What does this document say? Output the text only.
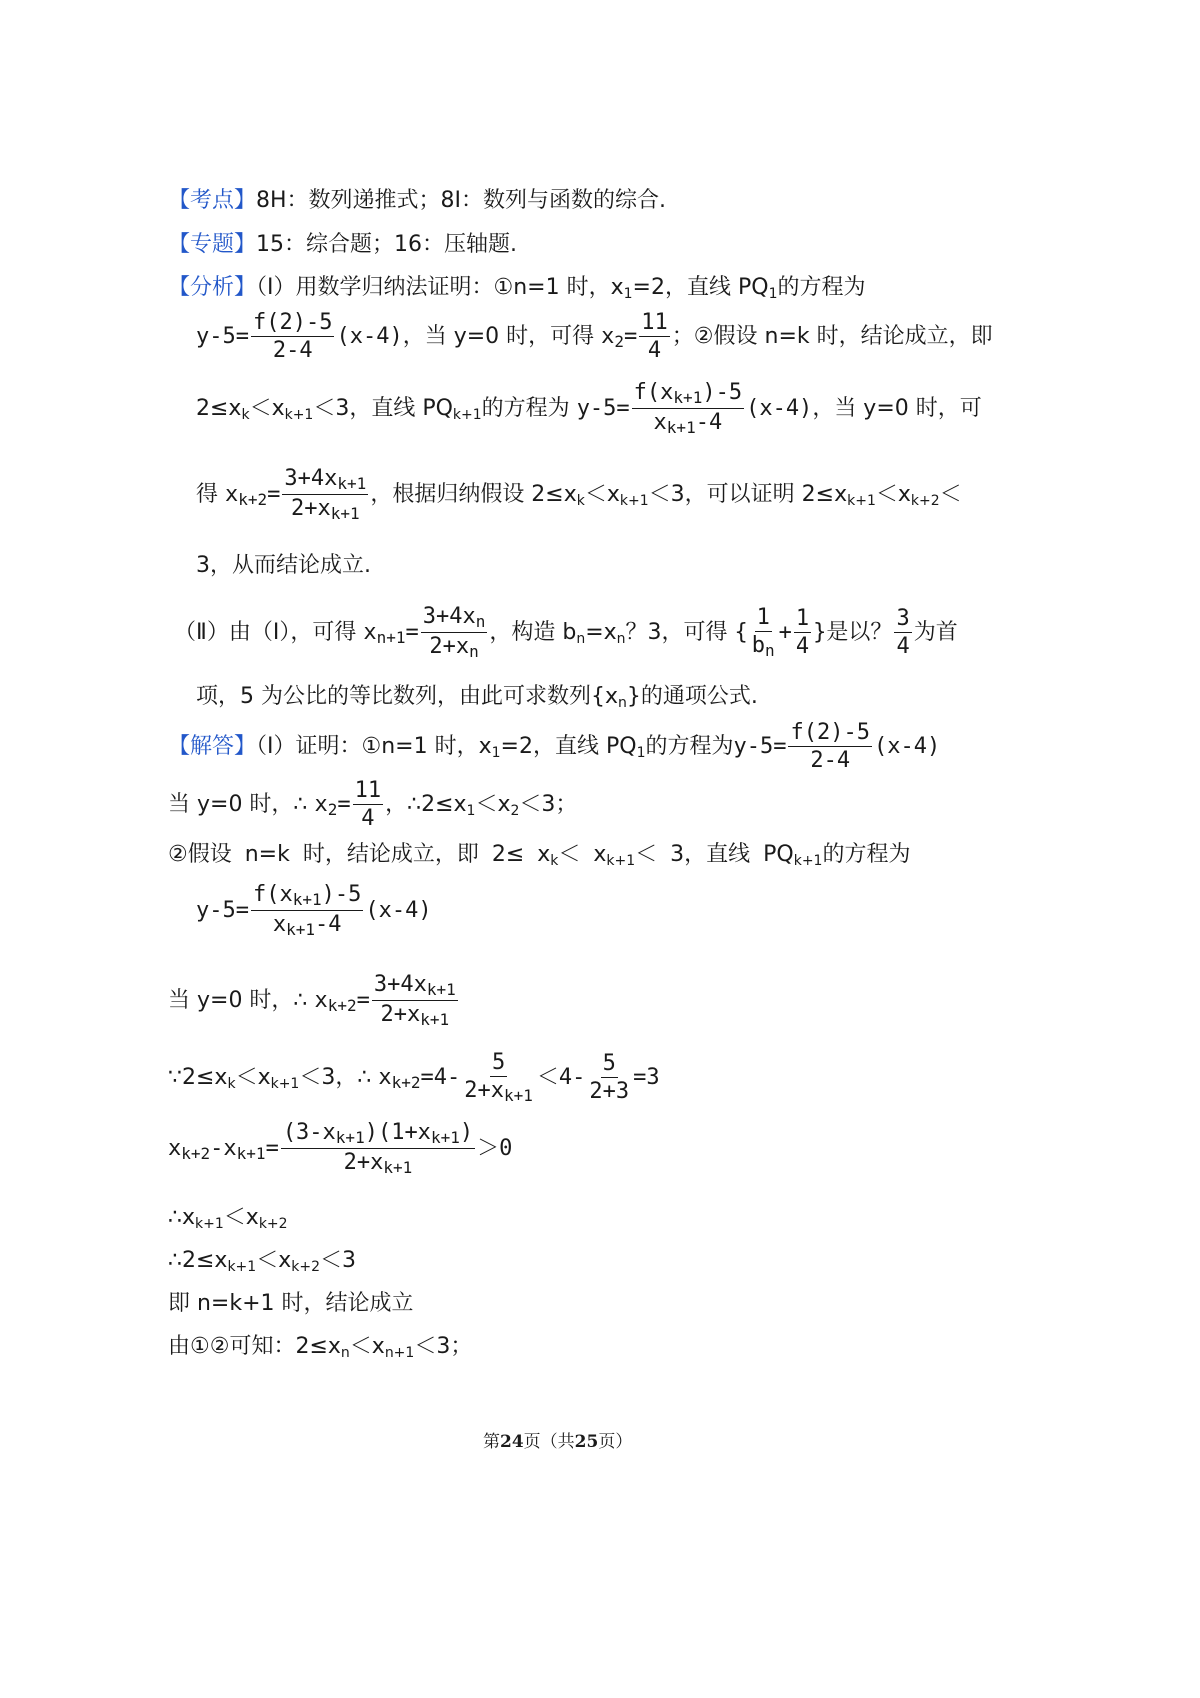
【考点】8H：数列递推式；8I：数列与函数的综合.
【专题】15：综合题；16：压轴题.
【分析】（Ⅰ）用数学归纳法证明：①n=1 时，$x_1=2$，直线 $PQ_1$的方程为
$y-5= \frac{f(2)-5}{2-4} (x-4)$，当 y=0 时，可得 $x_2= \frac{11}{4}$ ；②假设 n=k 时，结论成立，即
$2\le x_k<x_{k+1}<3$，直线 $PQ_{k+1}$的方程为 $y-5= \frac{f(x_{k+1})-5}{x_{k+1}-4} (x-4)$，当 y=0 时，可
得 $x_{k+2}= \frac{3+4x_{k+1}}{2+x_{k+1}}$ ，根据归纳假设 $2\le x_k<x_{k+1}<3$，可以证明 $2\le x_{k+1}<x_{k+2}<$
3，从而结论成立.
（Ⅱ）由（Ⅰ），可得 $x_{n+1}= \frac{3+4x_n}{2+x_n}$ ，构造 $b_n=x_n$？3，可得 { $\frac{1}{b_n} + \frac{1}{4}$ }是以？ $\frac{3}{4}$ 为首
项，5 为公比的等比数列，由此可求数列$\{x_n\}$的通项公式.
【解答】（Ⅰ）证明：①n=1 时，$x_1=2$，直线 $PQ_1$的方程为$y-5= \frac{f(2)-5}{2-4} (x-4)$
当 y=0 时，∴ $x_2= \frac{11}{4}$ ，$\therefore 2\le x_1<x_2<3$；
②假设 n=k 时，结论成立，即 $2\le x_k< x_{k+1}< 3$，直线 $PQ_{k+1}$的方程为
$y-5= \frac{f(x_{k+1})-5}{x_{k+1}-4} (x-4)$
当 y=0 时，∴ $x_{k+2}= \frac{3+4x_{k+1}}{2+x_{k+1}}$
$\because 2\le x_k<x_{k+1}<3$，∴ $x_{k+2}=4- \frac{5}{2+x_{k+1}} <4- \frac{5}{2+3} =3$
$x_{k+2}-x_{k+1}= \frac{(3-x_{k+1})(1+x_{k+1})}{2+x_{k+1}} >0$
$\therefore x_{k+1}<x_{k+2}$
$\therefore 2\le x_{k+1}<x_{k+2}<3$
即 n=k+1 时，结论成立
由①②可知：$2\le x_n<x_{n+1}<3$；
第24页（共25页）
